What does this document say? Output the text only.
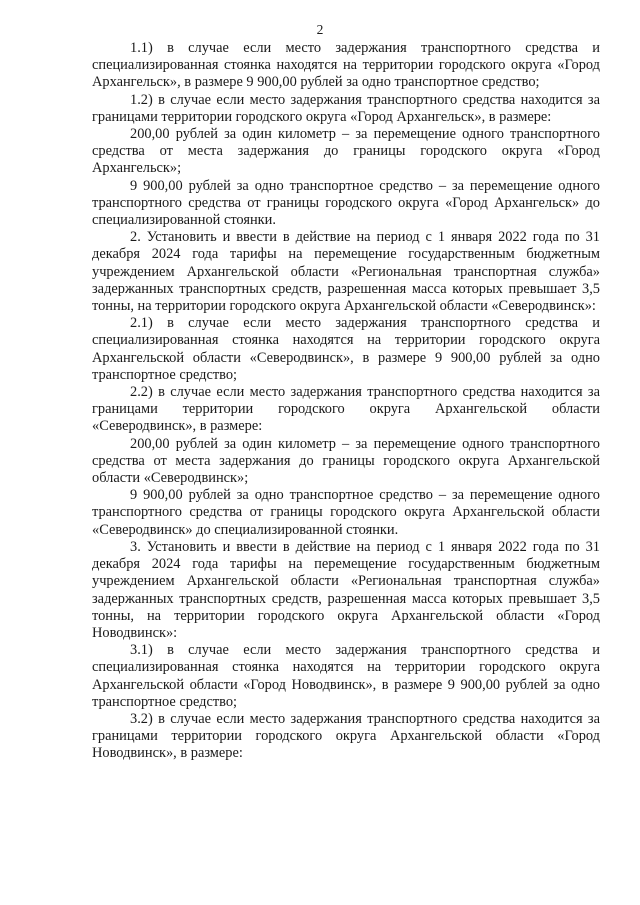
2

1.1) в случае если место задержания транспортного средства и специализированная стоянка находятся на территории городского округа «Город Архангельск», в размере 9 900,00 рублей за одно транспортное средство;

1.2) в случае если место задержания транспортного средства находится за границами территории городского округа «Город Архангельск», в размере:

200,00 рублей за один километр – за перемещение одного транспортного средства от места задержания до границы городского округа «Город Архангельск»;

9 900,00 рублей за одно транспортное средство – за перемещение одного транспортного средства от границы городского округа «Город Архангельск» до специализированной стоянки.

2. Установить и ввести в действие на период с 1 января 2022 года по 31 декабря 2024 года тарифы на перемещение государственным бюджетным учреждением Архангельской области «Региональная транспортная служба» задержанных транспортных средств, разрешенная масса которых превышает 3,5 тонны, на территории городского округа Архангельской области «Северодвинск»:

2.1) в случае если место задержания транспортного средства и специализированная стоянка находятся на территории городского округа Архангельской области «Северодвинск», в размере 9 900,00 рублей за одно транспортное средство;

2.2) в случае если место задержания транспортного средства находится за границами территории городского округа Архангельской области «Северодвинск», в размере:

200,00 рублей за один километр – за перемещение одного транспортного средства от места задержания до границы городского округа Архангельской области «Северодвинск»;

9 900,00 рублей за одно транспортное средство – за перемещение одного транспортного средства от границы городского округа Архангельской области «Северодвинск» до специализированной стоянки.

3. Установить и ввести в действие на период с 1 января 2022 года по 31 декабря 2024 года тарифы на перемещение государственным бюджетным учреждением Архангельской области «Региональная транспортная служба» задержанных транспортных средств, разрешенная масса которых превышает 3,5 тонны, на территории городского округа Архангельской области «Город Новодвинск»:

3.1) в случае если место задержания транспортного средства и специализированная стоянка находятся на территории городского округа Архангельской области «Город Новодвинск», в размере 9 900,00 рублей за одно транспортное средство;

3.2) в случае если место задержания транспортного средства находится за границами территории городского округа Архангельской области «Город Новодвинск», в размере:
